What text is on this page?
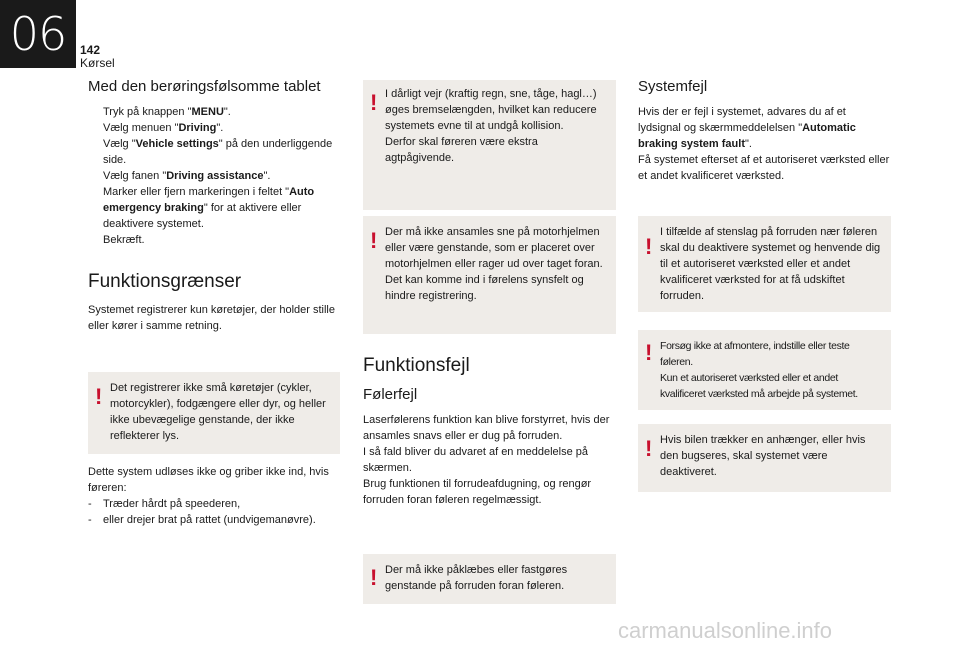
06	142
Kørsel
Med den berøringsfølsomme tablet
Tryk på knappen "MENU".
Vælg menuen "Driving".
Vælg "Vehicle settings" på den underliggende side.
Vælg fanen "Driving assistance".
Marker eller fjern markeringen i feltet "Auto emergency braking" for at aktivere eller deaktivere systemet.
Bekræft.
Funktionsgrænser

Systemet registrerer kun køretøjer, der holder stille eller kører i samme retning.

! Det registrerer ikke små køretøjer (cykler, motorcykler), fodgængere eller dyr, og heller ikke ubevægelige genstande, der ikke reflekterer lys.

Dette system udløses ikke og griber ikke ind, hvis føreren:

- Træder hårdt på speederen,
- eller drejer brat på rattet (undvigemanøvre).
! I dårligt vejr (kraftig regn, sne, tåge, hagl…) øges bremselængden, hvilket kan reducere systemets evne til at undgå kollision.

Derfor skal føreren være ekstra agtpågivende.

! Der må ikke ansamles sne på motorhjelmen eller være genstande, som er placeret over motorhjelmen eller rager ud over taget foran. Det kan komme ind i førelens synsfelt og hindre registrering.

Funktionsfejl
Følerfejl

Laserfølerens funktion kan blive forstyrret, hvis der ansamles snavs eller er dug på forruden.

I så fald bliver du advaret af en meddelelse på skærmen.

Brug funktionen til forrudeafdugning, og rengør forruden foran føleren regelmæssigt.

! Der må ikke påklæbes eller fastgøres genstande på forruden foran føleren.

Systemfejl

Hvis der er fejl i systemet, advares du af et lydsignal og skærmmeddelelsen "Automatic braking system fault".

Få systemet efterset af et autoriseret værksted eller et andet kvalificeret værksted.

!

I tilfælde af stenslag på forruden nær føleren skal du deaktivere systemet og henvende dig til et autoriseret værksted eller et andet kvalificeret værksted for at få udskiftet forruden.

! Forsøg ikke at afmontere, indstille eller teste føleren.

Kun et autoriseret værksted eller et andet kvalificeret værksted må arbejde på systemet.

! Hvis bilen trækker en anhænger, eller hvis den bugseres, skal systemet være deaktiveret.

carmanualsonline.info
